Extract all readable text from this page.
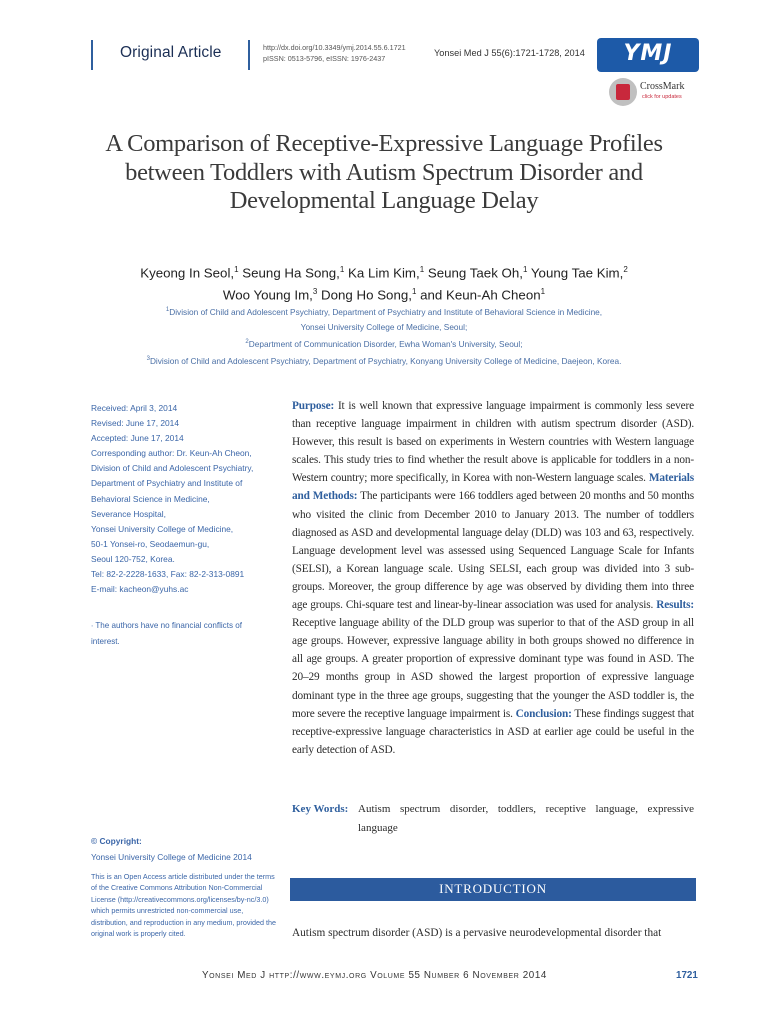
Original Article	http://dx.doi.org/10.3349/ymj.2014.55.6.1721
pISSN: 0513-5796, eISSN: 1976-2437
Yonsei Med J 55(6):1721-1728, 2014	YMJ
CrossMark
click for updates
A Comparison of Receptive-Expressive Language Profiles
between Toddlers with Autism Spectrum Disorder and
Developmental Language Delay
Kyeong In Seol,$^1$ Seung Ha Song,$^1$ Ka Lim Kim,$^1$ Seung Taek Oh,$^1$ Young Tae Kim,$^2$
Woo Young Im,$^3$ Dong Ho Song,$^1$ and Keun-Ah Cheon$^1$
$^1$Division of Child and Adolescent Psychiatry, Department of Psychiatry and Institute of Behavioral Science in Medicine,
Yonsei University College of Medicine, Seoul;
$^2$Department of Communication Disorder, Ewha Woman's University, Seoul;
$^3$Division of Child and Adolescent Psychiatry, Department of Psychiatry, Konyang University College of Medicine, Daejeon, Korea.
Received: April 3, 2014
Revised: June 17, 2014
Accepted: June 17, 2014
Corresponding author: Dr. Keun-Ah Cheon,
Division of Child and Adolescent Psychiatry,
Department of Psychiatry and Institute of
Behavioral Science in Medicine,
Severance Hospital,
Yonsei University College of Medicine,
50-1 Yonsei-ro, Seodaemun-gu,
Seoul 120-752, Korea.
Tel: 82-2-2228-1633, Fax: 82-2-313-0891
E-mail: kacheon@yuhs.ac
∙ The authors have no financial conflicts of interest.
© Copyright:
Yonsei University College of Medicine 2014
This is an Open Access article distributed under the terms of the Creative Commons Attribution Non-Commercial License (http://creativecommons.org/licenses/by-nc/3.0) which permits unrestricted non-commercial use, distribution, and reproduction in any medium, provided the original work is properly cited.
Purpose: It is well known that expressive language impairment is commonly less severe than receptive language impairment in children with autism spectrum disorder (ASD). However, this result is based on experiments in Western countries with Western language scales. This study tries to find whether the result above is applicable for toddlers in a non-Western country; more specifically, in Korea with non-Western language scales. Materials and Methods: The participants were 166 toddlers aged between 20 months and 50 months who visited the clinic from December 2010 to January 2013. The number of toddlers diagnosed as ASD and developmental language delay (DLD) was 103 and 63, respectively. Language development level was assessed using Sequenced Language Scale for Infants (SELSI), a Korean language scale. Using SELSI, each group was divided into 3 sub-groups. Moreover, the group difference by age was observed by dividing them into three age groups. Chi-square test and linear-by-linear association was used for analysis. Results: Receptive language ability of the DLD group was superior to that of the ASD group in all age groups. However, expressive language ability in both groups showed no difference in all age groups. A greater proportion of expressive dominant type was found in ASD. The 20–29 months group in ASD showed the largest proportion of expressive language dominant type in the three age groups, suggesting that the younger the ASD toddler is, the more severe the receptive language impairment is. Conclusion: These findings suggest that receptive-expressive language characteristics in ASD at earlier age could be useful in the early detection of ASD.
Key Words: Autism spectrum disorder, toddlers, receptive language, expressive language
INTRODUCTION
Autism spectrum disorder (ASD) is a pervasive neurodevelopmental disorder that
Yonsei Med J http://www.eymj.org Volume 55 Number 6 November 2014	1721
